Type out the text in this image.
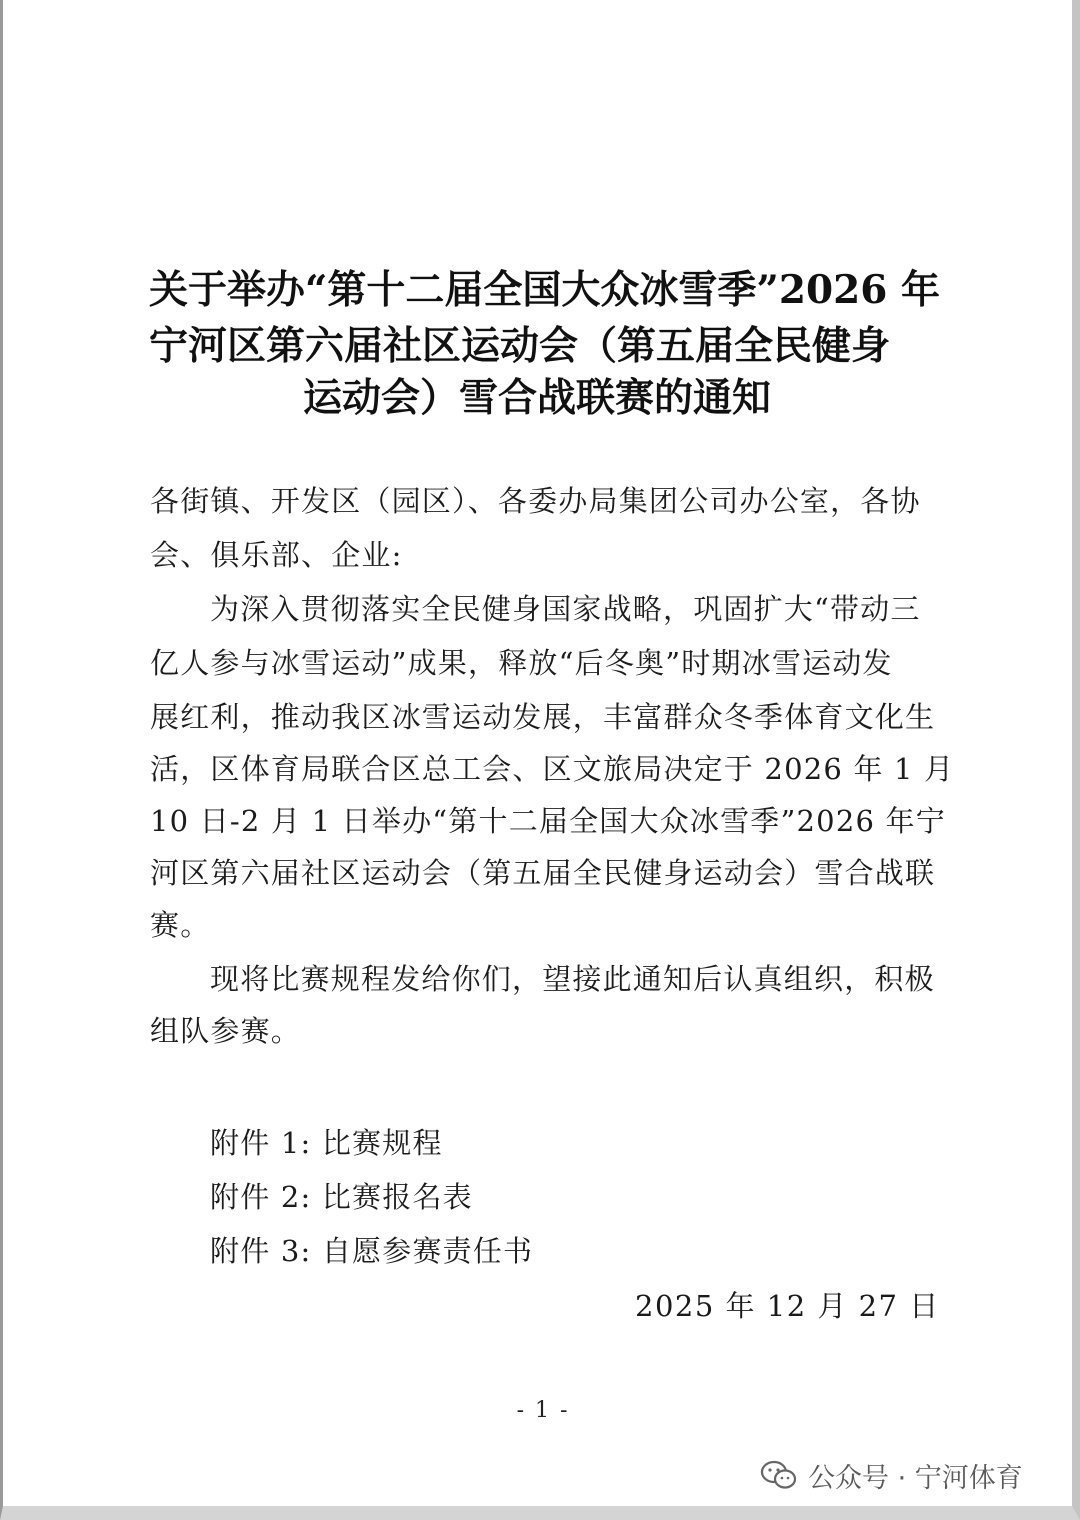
关于举办“第十二届全国大众冰雪季”2026 年
宁河区第六届社区运动会（第五届全民健身
运动会）雪合战联赛的通知

各街镇、开发区（园区）、各委办局集团公司办公室，各协

会、俱乐部、企业:

为深入贯彻落实全民健身国家战略，巩固扩大“带动三

亿人参与冰雪运动”成果，释放“后冬奥”时期冰雪运动发

展红利，推动我区冰雪运动发展，丰富群众冬季体育文化生

活，区体育局联合区总工会、区文旅局决定于 2026 年 1 月

10 日-2 月 1 日举办“第十二届全国大众冰雪季”2026 年宁

河区第六届社区运动会（第五届全民健身运动会）雪合战联

赛。

现将比赛规程发给你们，望接此通知后认真组织，积极

组队参赛。

附件 1: 比赛规程

附件 2: 比赛报名表

附件 3: 自愿参赛责任书

2025 年 12 月 27 日
- 1 -
公众号 · 宁河体育
